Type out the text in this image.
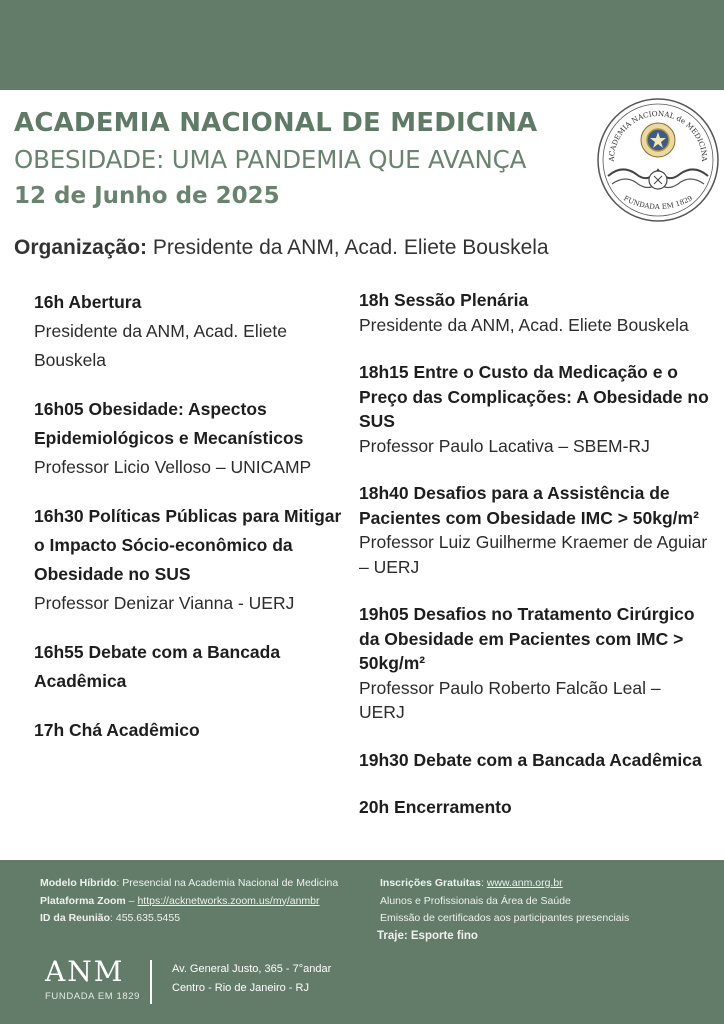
ACADEMIA NACIONAL DE MEDICINA
OBESIDADE: UMA PANDEMIA QUE AVANÇA
12 de Junho de 2025
Organização: Presidente da ANM, Acad. Eliete Bouskela
ACADEMIA NACIONAL de MEDICINA
FUNDADA EM 1829
16h Abertura
Presidente da ANM, Acad. Eliete Bouskela
16h05 Obesidade: Aspectos Epidemiológicos e Mecanísticos
Professor Licio Velloso – UNICAMP
16h30 Políticas Públicas para Mitigar o Impacto Sócio-econômico da Obesidade no SUS
Professor Denizar Vianna - UERJ
16h55 Debate com a Bancada Acadêmica
17h Chá Acadêmico
18h Sessão Plenária
Presidente da ANM, Acad. Eliete Bouskela
18h15 Entre o Custo da Medicação e o Preço das Complicações: A Obesidade no SUS
Professor Paulo Lacativa – SBEM-RJ
18h40 Desafios para a Assistência de Pacientes com Obesidade IMC > 50kg/m²
Professor Luiz Guilherme Kraemer de Aguiar – UERJ
19h05 Desafios no Tratamento Cirúrgico da Obesidade em Pacientes com IMC > 50kg/m²
Professor Paulo Roberto Falcão Leal – UERJ
19h30 Debate com a Bancada Acadêmica
20h Encerramento
Modelo Híbrido: Presencial na Academia Nacional de Medicina
Plataforma Zoom – https://acknetworks.zoom.us/my/anmbr
ID da Reunião: 455.635.5455
Inscrições Gratuitas: www.anm.org.br
Alunos e Profissionais da Área de Saúde
Emissão de certificados aos participantes presenciais
Traje: Esporte fino
ANM
FUNDADA EM 1829
Av. General Justo, 365 - 7°andar
Centro - Rio de Janeiro - RJ
